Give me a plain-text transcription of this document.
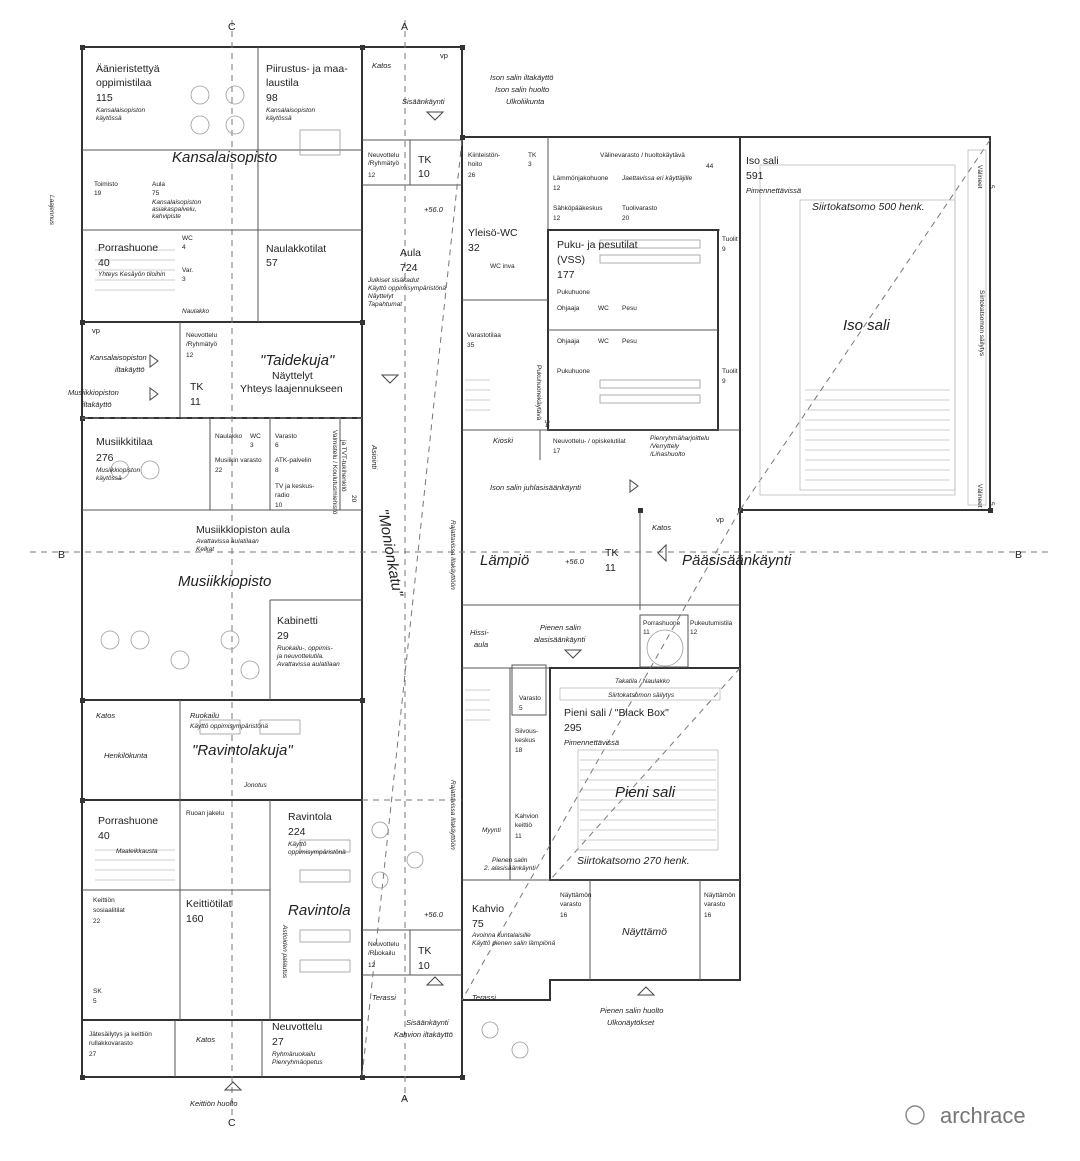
C	A
C
A
B	B
Äänieristettyä
oppimistilaa
115
Kansalaisopiston
käytössä
Piirustus- ja maa-
laustila
98
Kansalaisopiston
käytössä
Kansalaisopisto
Toimisto
19
Aula
75
Kansalaisopiston
asiakaspalvelu,
kahvipiste
Porrashuone
40
Yhteys Kesäyön tiloihin
WC
4
Var.
3
Naulakko
Naulakkotilat
57
Laajennus
Katos
vp
Sisäänkäynti
Ison salin iltakäyttö
Ison salin huolto
Ulkoliikunta
Neuvottelu
/Ryhmätyö
12
TK
10
+56.0
Aula
724
Julkiset sisäkadut
Käyttö oppimisympäristönä
Näyttelyt
Tapahtumat
Kiinteistön-
hoito
26
TK
3
Välinevarasto / huoltokäytävä
44
Lämmönjakohuone
12
Jaettavissa eri käyttäjille
Sähköpääkeskus
12
Tuolivarasto
20
Iso sali
591
Pimennettävissä
Siirtokatsomo 500 henk.
Iso sali
Välineet 5
Siirtokatsomon säilytys
Välineet 5
Yleisö-WC
32
WC inva
Puku- ja pesutilat
(VSS)
177
Pukuhuone
Ohjaaja	WC Pesu
Ohjaaja	WC Pesu
Pukuhuone
Tuolit
9
Tuolit
9
Varastotilaa
35
Pukuhuonekäytävä
34
Kioski	Neuvottelu- / opiskelutilat
17
Pienryhmäharjoittelu
/Verryttely
/Lihashuolto
Ison salin juhlasisäänkäynti
Kansalaisopiston
iltakäyttö
Musiikkiopiston
iltakäyttö
vp
Neuvottelu
/Ryhmätyö
12
TK
11
"Taidekuja"
Näyttelyt
Yhteys laajennukseen
Asiointi
"Monionkatu"
Musiikkitilaa
276
Musiikkiopiston
käytössä
Naulakko WC
3
Varasto
6
Musiikin varasto
22
ATK-palvelin
8
TV ja keskus-
radio
10	Valmistelu / Koulutusmiehistö ja TVT-tukihenkilö
20
Musiikkiopiston aula
Avattavissa aulatilaan
Kelkat
Musiikkiopisto
Kabinetti
29
Ruokailu-, oppimis-
ja neuvottelutila.
Avattavissa aulatilaan
Rajattavissa illakäyttöön
Rajattavissa illakäyttöön
Lämpiö	+56.0
TK
11
Katos
vp
Pääsisäänkäynti
Pienen salin
alasisäänkäynti
Porrashuone
11
Pukeutumistila
12
Hissi-
aula
Takatila / Naulakko
Siirtokatsomon säilytys
Varasto
5	Pieni sali / "Black Box"
295
Pimennettävissä
Pieni sali
Siirtokatsomo 270 henk.
Siivous-
keskus
18
Kahvion
keittiö
11
Myynti
Pienen salin
2. alasisäänkäynti
Katos
Henkilökunta
Ruokailu
Käyttö oppimisympäristönä
"Ravintolakuja"
Jonotus
Porrashuone
40
Maaleikkausta
Ruoan jakelu	Ravintola
224
Käyttö
oppimisympäristönä
Ravintola
Keittiön
sosiaalitilat
22
Keittiötilat
160
Astioiden palautus
SK
5
Jätesäilytys ja keittiön
rullakkovarasto
27
Katos
Neuvottelu
27
Ryhmäruokailu
Pienryhmäopetus
Neuvottelu
/Ruokailu
12
TK
10
+56.0	Kahvio
75
Avoinna kuntalaisille
Käyttö pienen salin lämpiönä
Näyttämön
varasto
16
Näyttämön
varasto
16
Näyttämö
Terassi	Terassi
Sisäänkäynti
Kahvion iltakäyttö
Keittiön huolto
Pienen salin huolto
Ulkonäytökset
archrace
